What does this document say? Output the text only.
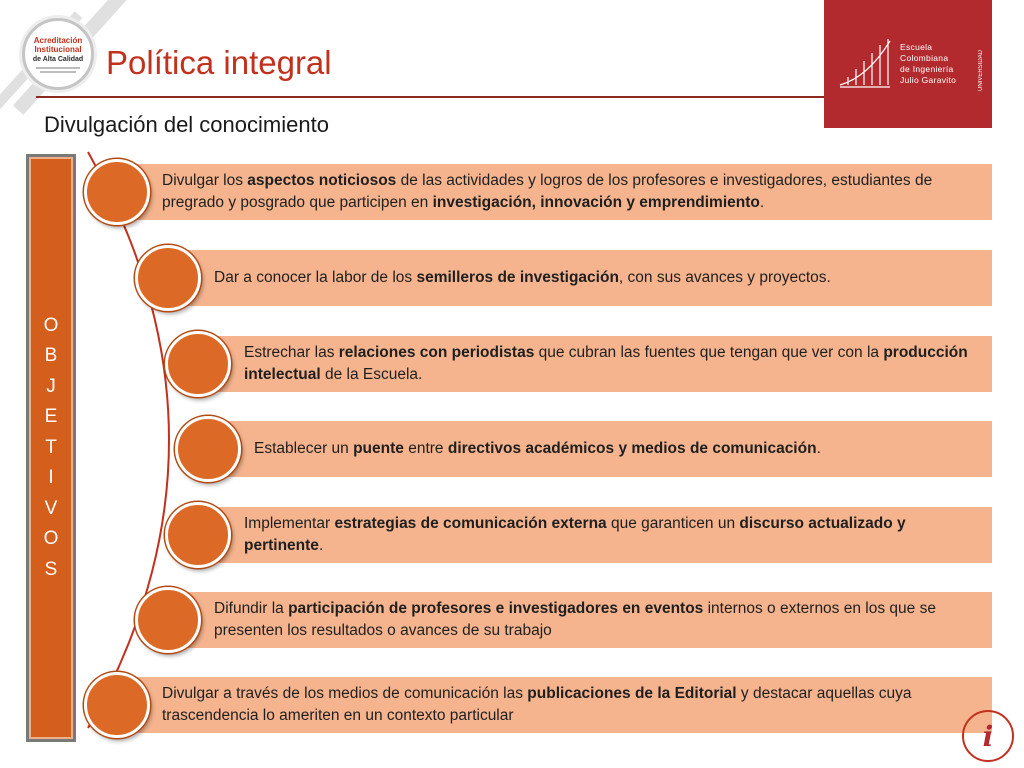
Acreditación
Institucional
de Alta Calidad Política integral
Divulgación del conocimiento
Escuela
Colombiana
de Ingeniería
Julio Garavito	UNIVERSIDAD
O
B
J
E
T
I
V
O
S
Divulgar los aspectos noticiosos de las actividades y logros de los profesores e investigadores, estudiantes de pregrado y posgrado que participen en investigación, innovación y emprendimiento.
Dar a conocer la labor de los semilleros de investigación, con sus avances y proyectos.
Estrechar las relaciones con periodistas que cubran las fuentes que tengan que ver con la producción intelectual de la Escuela.
Establecer un puente entre directivos académicos y medios de comunicación.
Implementar estrategias de comunicación externa que garanticen un discurso actualizado y pertinente.
Difundir la participación de profesores e investigadores en eventos internos o externos en los que se presenten los resultados o avances de su trabajo
Divulgar a través de los medios de comunicación las publicaciones de la Editorial y destacar aquellas cuya trascendencia lo ameriten en un contexto particular
i
